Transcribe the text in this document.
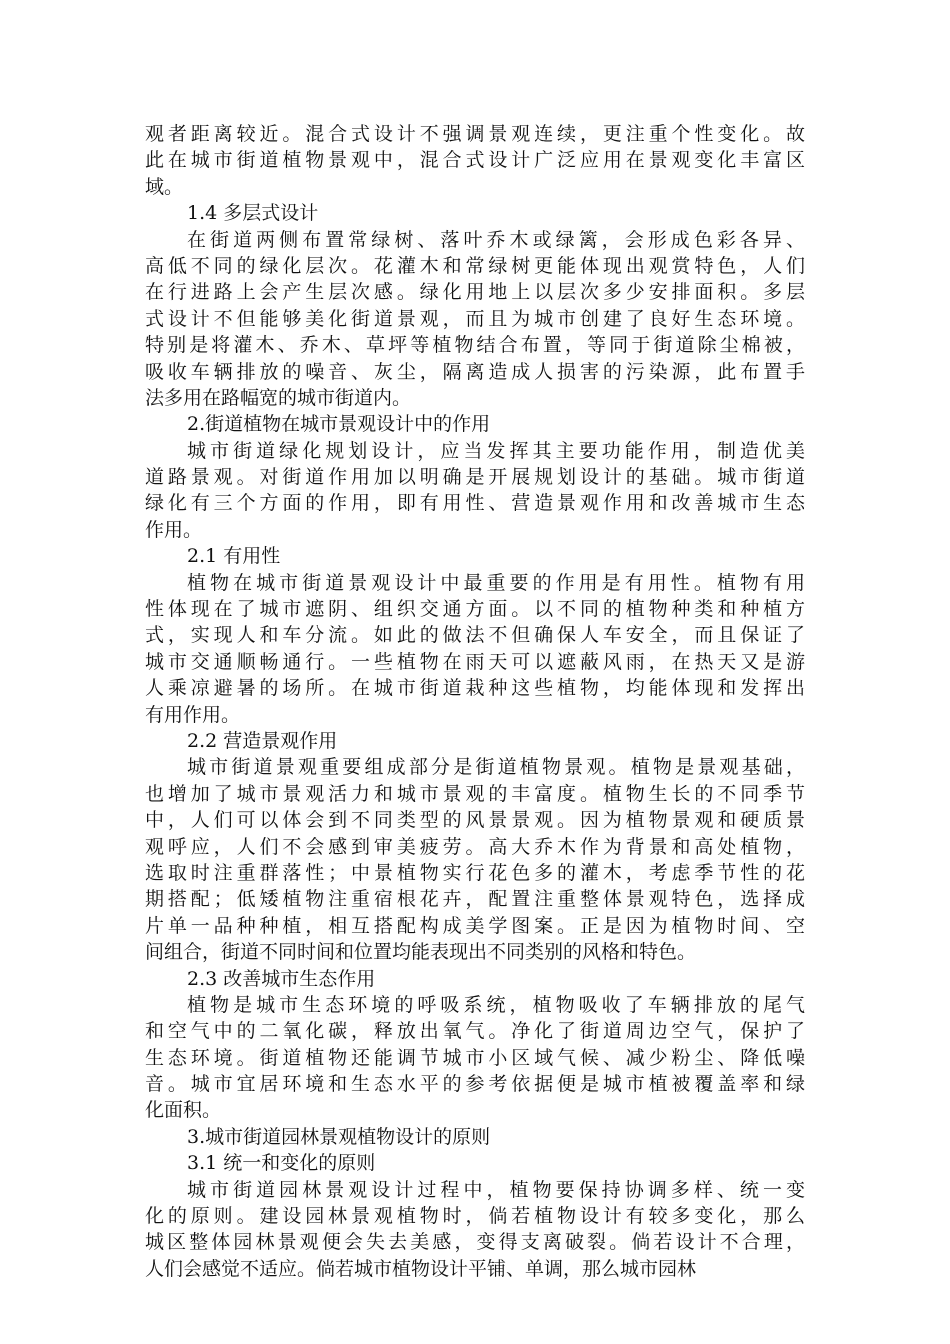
观者距离较近。混合式设计不强调景观连续，更注重个性变化。故
此在城市街道植物景观中，混合式设计广泛应用在景观变化丰富区
域。
1.4 多层式设计
在街道两侧布置常绿树、落叶乔木或绿篱，会形成色彩各异、
高低不同的绿化层次。花灌木和常绿树更能体现出观赏特色，人们
在行进路上会产生层次感。绿化用地上以层次多少安排面积。多层
式设计不但能够美化街道景观，而且为城市创建了良好生态环境。
特别是将灌木、乔木、草坪等植物结合布置，等同于街道除尘棉被，
吸收车辆排放的噪音、灰尘，隔离造成人损害的污染源，此布置手
法多用在路幅宽的城市街道内。
2.街道植物在城市景观设计中的作用
城市街道绿化规划设计，应当发挥其主要功能作用，制造优美
道路景观。对街道作用加以明确是开展规划设计的基础。城市街道
绿化有三个方面的作用，即有用性、营造景观作用和改善城市生态
作用。
2.1 有用性
植物在城市街道景观设计中最重要的作用是有用性。植物有用
性体现在了城市遮阴、组织交通方面。以不同的植物种类和种植方
式，实现人和车分流。如此的做法不但确保人车安全，而且保证了
城市交通顺畅通行。一些植物在雨天可以遮蔽风雨，在热天又是游
人乘凉避暑的场所。在城市街道栽种这些植物，均能体现和发挥出
有用作用。
2.2 营造景观作用
城市街道景观重要组成部分是街道植物景观。植物是景观基础，
也增加了城市景观活力和城市景观的丰富度。植物生长的不同季节
中，人们可以体会到不同类型的风景景观。因为植物景观和硬质景
观呼应，人们不会感到审美疲劳。高大乔木作为背景和高处植物，
选取时注重群落性；中景植物实行花色多的灌木，考虑季节性的花
期搭配；低矮植物注重宿根花卉，配置注重整体景观特色，选择成
片单一品种种植，相互搭配构成美学图案。正是因为植物时间、空
间组合，街道不同时间和位置均能表现出不同类别的风格和特色。
2.3 改善城市生态作用
植物是城市生态环境的呼吸系统，植物吸收了车辆排放的尾气
和空气中的二氧化碳，释放出氧气。净化了街道周边空气，保护了
生态环境。街道植物还能调节城市小区域气候、减少粉尘、降低噪
音。城市宜居环境和生态水平的参考依据便是城市植被覆盖率和绿
化面积。
3.城市街道园林景观植物设计的原则
3.1 统一和变化的原则
城市街道园林景观设计过程中，植物要保持协调多样、统一变
化的原则。建设园林景观植物时，倘若植物设计有较多变化，那么
城区整体园林景观便会失去美感，变得支离破裂。倘若设计不合理，
人们会感觉不适应。倘若城市植物设计平铺、单调，那么城市园林
